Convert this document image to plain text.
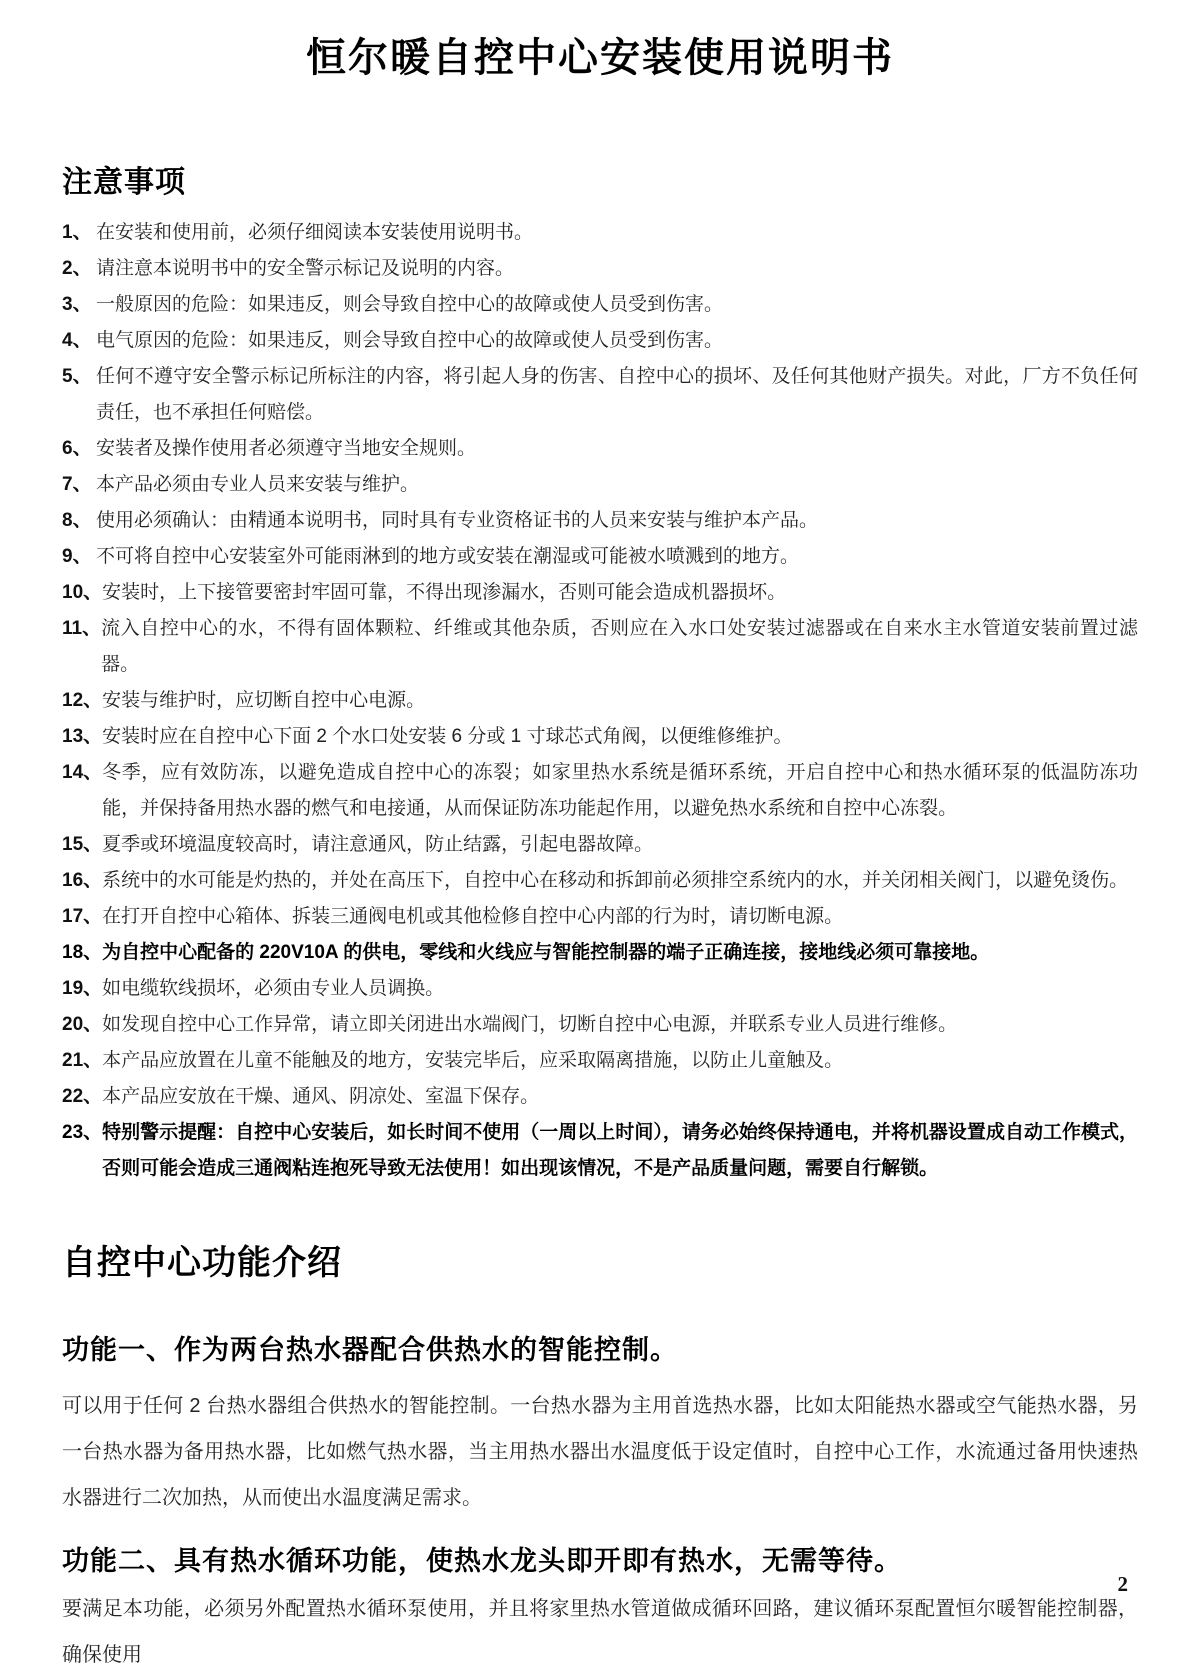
恒尔暖自控中心安装使用说明书
注意事项
1、 在安装和使用前，必须仔细阅读本安装使用说明书。
2、 请注意本说明书中的安全警示标记及说明的内容。
3、 一般原因的危险：如果违反，则会导致自控中心的故障或使人员受到伤害。
4、 电气原因的危险：如果违反，则会导致自控中心的故障或使人员受到伤害。
5、 任何不遵守安全警示标记所标注的内容，将引起人身的伤害、自控中心的损坏、及任何其他财产损失。对此，厂方不负任何责任，也不承担任何赔偿。
6、 安装者及操作使用者必须遵守当地安全规则。
7、 本产品必须由专业人员来安装与维护。
8、 使用必须确认：由精通本说明书，同时具有专业资格证书的人员来安装与维护本产品。
9、 不可将自控中心安装室外可能雨淋到的地方或安装在潮湿或可能被水喷溅到的地方。
10、 安装时，上下接管要密封牢固可靠，不得出现渗漏水，否则可能会造成机器损坏。
11、 流入自控中心的水，不得有固体颗粒、纤维或其他杂质，否则应在入水口处安装过滤器或在自来水主水管道安装前置过滤器。
12、 安装与维护时，应切断自控中心电源。
13、 安装时应在自控中心下面 2 个水口处安装 6 分或 1 寸球芯式角阀，以便维修维护。
14、 冬季，应有效防冻，以避免造成自控中心的冻裂；如家里热水系统是循环系统，开启自控中心和热水循环泵的低温防冻功能，并保持备用热水器的燃气和电接通，从而保证防冻功能起作用，以避免热水系统和自控中心冻裂。
15、 夏季或环境温度较高时，请注意通风，防止结露，引起电器故障。
16、 系统中的水可能是灼热的，并处在高压下，自控中心在移动和拆卸前必须排空系统内的水，并关闭相关阀门，以避免烫伤。
17、 在打开自控中心箱体、拆装三通阀电机或其他检修自控中心内部的行为时，请切断电源。
18、 为自控中心配备的 220V10A 的供电，零线和火线应与智能控制器的端子正确连接，接地线必须可靠接地。
19、 如电缆软线损坏，必须由专业人员调换。
20、 如发现自控中心工作异常，请立即关闭进出水端阀门，切断自控中心电源，并联系专业人员进行维修。
21、 本产品应放置在儿童不能触及的地方，安装完毕后，应采取隔离措施，以防止儿童触及。
22、 本产品应安放在干燥、通风、阴凉处、室温下保存。
23、 特别警示提醒：自控中心安装后，如长时间不使用（一周以上时间），请务必始终保持通电，并将机器设置成自动工作模式，否则可能会造成三通阀粘连抱死导致无法使用！如出现该情况，不是产品质量问题，需要自行解锁。
自控中心功能介绍
功能一、作为两台热水器配合供热水的智能控制。

可以用于任何 2 台热水器组合供热水的智能控制。一台热水器为主用首选热水器，比如太阳能热水器或空气能热水器，另一台热水器为备用热水器，比如燃气热水器，当主用热水器出水温度低于设定值时，自控中心工作，水流通过备用快速热水器进行二次加热，从而使出水温度满足需求。

功能二、具有热水循环功能，使热水龙头即开即有热水，无需等待。

要满足本功能，必须另外配置热水循环泵使用，并且将家里热水管道做成循环回路，建议循环泵配置恒尔暖智能控制器，确保使用

2
